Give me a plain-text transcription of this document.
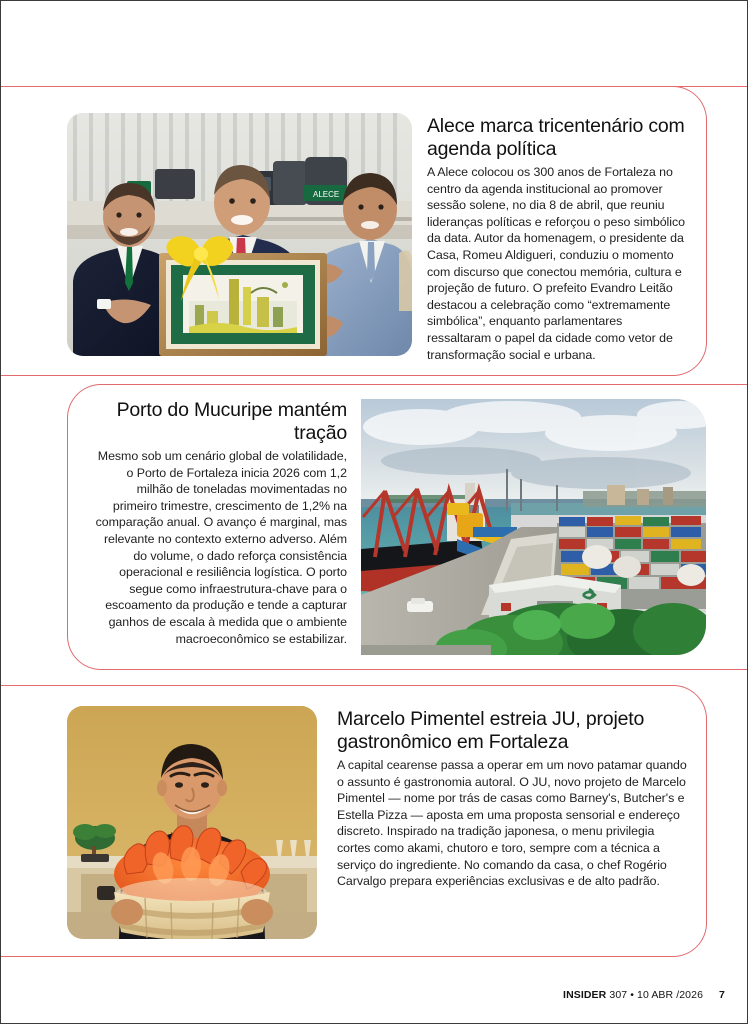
ALECE
Alece marca tricentenário com agenda política

A Alece colocou os 300 anos de Fortaleza no centro da agenda institucional ao promover sessão solene, no dia 8 de abril, que reuniu lideranças políticas e reforçou o peso simbólico da data. Autor da homenagem, o presidente da Casa, Romeu Aldigueri, conduziu o momento com discurso que conectou memória, cultura e projeção de futuro. O prefeito Evandro Leitão destacou a celebração como “extremamente simbólica”, enquanto parlamentares ressaltaram o papel da cidade como vetor de transformação social e urbana.

Porto do Mucuripe mantém tração

Mesmo sob um cenário global de volatilidade, o Porto de Fortaleza inicia 2026 com 1,2 milhão de toneladas movimentadas no primeiro trimestre, crescimento de 1,2% na comparação anual. O avanço é marginal, mas relevante no contexto externo adverso. Além do volume, o dado reforça consistência operacional e resiliência logística. O porto segue como infraestrutura-chave para o escoamento da produção e tende a capturar ganhos de escala à medida que o ambiente macroeconômico se estabilizar.

Marcelo Pimentel estreia JU, projeto gastronômico em Fortaleza

A capital cearense passa a operar em um novo patamar quando o assunto é gastronomia autoral. O JU, novo projeto de Marcelo Pimentel — nome por trás de casas como Barney's, Butcher's e Estella Pizza — aposta em uma proposta sensorial e endereço discreto. Inspirado na tradição japonesa, o menu privilegia cortes como akami, chutoro e toro, sempre com a técnica a serviço do ingrediente. No comando da casa, o chef Rogério Carvalgo prepara experiências exclusivas e de alto padrão.

INSIDER 307 • 10 ABR /2026 7
